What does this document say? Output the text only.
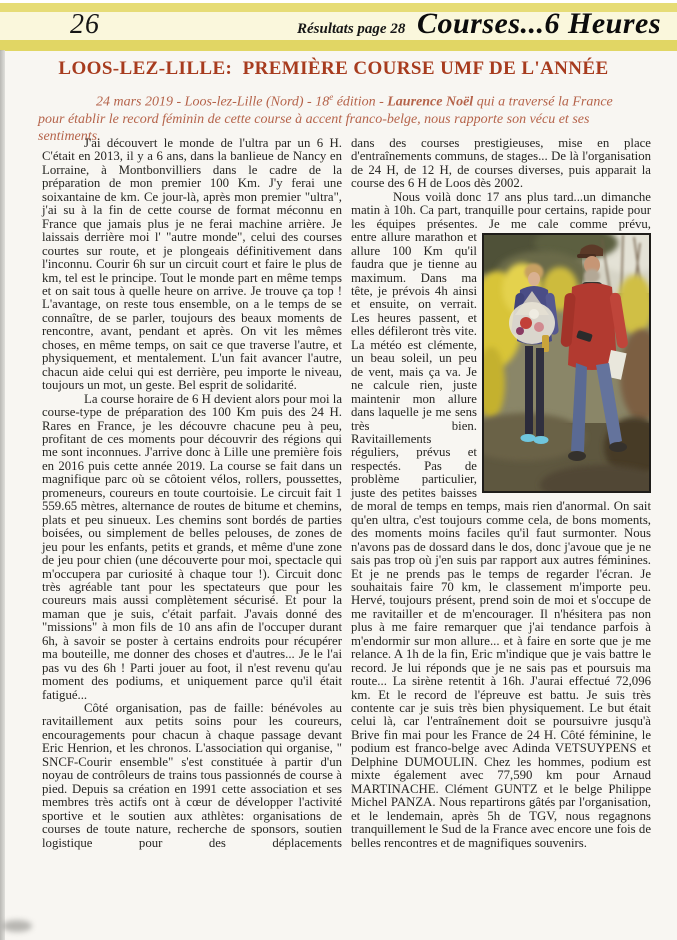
26	Résultats page 28 Courses...6 Heures
LOOS-LEZ-LILLE:  PREMIÈRE COURSE UMF DE L'ANNÉE
24 mars 2019 - Loos-lez-Lille (Nord) - 18e édition - Laurence Noël qui a traversé la France pour établir le record féminin de cette course à accent franco-belge, nous rapporte son vécu et ses sentiments.

J'ai découvert le monde de l'ultra par un 6 H. C'était en 2013, il y a 6 ans, dans la banlieue de Nancy en Lorraine, à Montbonvilliers dans le cadre de la préparation de mon premier 100 Km. J'y ferai une soixantaine de km. Ce jour-là, après mon premier "ultra", j'ai su à la fin de cette course de format méconnu en France que jamais plus je ne ferai machine arrière. Je laissais derrière moi l' "autre monde", celui des courses courtes sur route, et je plongeais définitivement dans l'inconnu. Courir 6h sur un circuit court et faire le plus de km, tel est le principe. Tout le monde part en même temps et on sait tous à quelle heure on arrive. Je trouve ça top ! L'avantage, on reste tous ensemble, on a le temps de se connaître, de se parler, toujours des beaux moments de rencontre, avant, pendant et après. On vit les mêmes choses, en même temps, on sait ce que traverse l'autre, et physiquement, et mentalement. L'un fait avancer l'autre, chacun aide celui qui est derrière, peu importe le niveau, toujours un mot, un geste. Bel esprit de solidarité.

La course horaire de 6 H devient alors pour moi la course-type de préparation des 100 Km puis des 24 H. Rares en France, je les découvre chacune peu à peu, profitant de ces moments pour découvrir des régions qui me sont inconnues. J'arrive donc à Lille une première fois en 2016 puis cette année 2019. La course se fait dans un magnifique parc où se côtoient vélos, rollers, poussettes, promeneurs, coureurs en toute courtoisie. Le circuit fait 1 559.65 mètres, alternance de routes de bitume et chemins, plats et peu sinueux. Les chemins sont bordés de parties boisées, ou simplement de belles pelouses, de zones de jeu pour les enfants, petits et grands, et même d'une zone de jeu pour chien (une découverte pour moi, spectacle qui m'occupera par curiosité à chaque tour !). Circuit donc très agréable tant pour les spectateurs que pour les coureurs mais aussi complètement sécurisé. Et pour la maman que je suis, c'était parfait. J'avais donné des "missions" à mon fils de 10 ans afin de l'occuper durant 6h, à savoir se poster à certains endroits pour récupérer ma bouteille, me donner des choses et d'autres... Je le l'ai pas vu des 6h ! Parti jouer au foot, il n'est revenu qu'au moment des podiums, et uniquement parce qu'il était fatigué...

Côté organisation, pas de faille: bénévoles au ravitaillement aux petits soins pour les coureurs, encouragements pour chacun à chaque passage devant Eric Henrion, et les chronos. L'association qui organise, " SNCF-Courir ensemble" s'est constituée à partir d'un noyau de contrôleurs de trains tous passionnés de course à pied. Depuis sa création en 1991 cette association et ses membres très actifs ont à cœur de développer l'activité sportive et le soutien aux athlètes: organisations de courses de toute nature, recherche de sponsors, soutien logistique pour des déplacements

dans des courses prestigieuses, mise en place d'entraînements communs, de stages... De là l'organisation de 24 H, de 12 H, de courses diverses, puis apparait la course des 6 H de Loos dès 2002.

Nous voilà donc 17 ans plus tard...un dimanche matin à 10h. Ca part, tranquille pour certains, rapide pour les équipes présentes. Je me cale comme prévu,

entre allure marathon et allure 100 Km qu'il faudra que je tienne au maximum. Dans ma tête, je prévois 4h ainsi et ensuite, on verrait. Les heures passent, et elles défileront très vite. La météo est clémente, un beau soleil, un peu de vent, mais ça va. Je ne calcule rien, juste maintenir mon allure dans laquelle je me sens très bien. Ravitaillements réguliers, prévus et respectés. Pas de problème particulier, juste des petites baisses de moral de temps en temps, mais rien d'anormal. On sait qu'en ultra, c'est toujours comme cela, de bons moments, des moments moins faciles qu'il faut surmonter. Nous n'avons pas de dossard dans le dos, donc j'avoue que je ne sais pas trop où j'en suis par rapport aux autres féminines. Et je ne prends pas le temps de regarder l'écran. Je souhaitais faire 70 km, le classement m'importe peu. Hervé, toujours présent, prend soin de moi et s'occupe de me ravitailler et de m'encourager. Il n'hésitera pas non plus à me faire remarquer que j'ai tendance parfois à m'endormir sur mon allure... et à faire en sorte que je me relance. A 1h de la fin, Eric m'indique que je vais battre le record. Je lui réponds que je ne sais pas et poursuis ma route... La sirène retentit à 16h. J'aurai effectué 72,096 km. Et le record de l'épreuve est battu. Je suis très contente car je suis très bien physiquement. Le but était celui là, car l'entraînement doit se poursuivre jusqu'à Brive fin mai pour les France de 24 H. Côté féminine, le podium est franco-belge avec Adinda VETSUYPENS et Delphine DUMOULIN. Chez les hommes, podium est mixte également avec 77,590 km pour Arnaud MARTINACHE. Clément GUNTZ et le belge Philippe Michel PANZA. Nous repartirons gâtés par l'organisation, et le lendemain, après 5h de TGV, nous regagnons tranquillement le Sud de la France avec encore une fois de belles rencontres et de magnifiques souvenirs.
